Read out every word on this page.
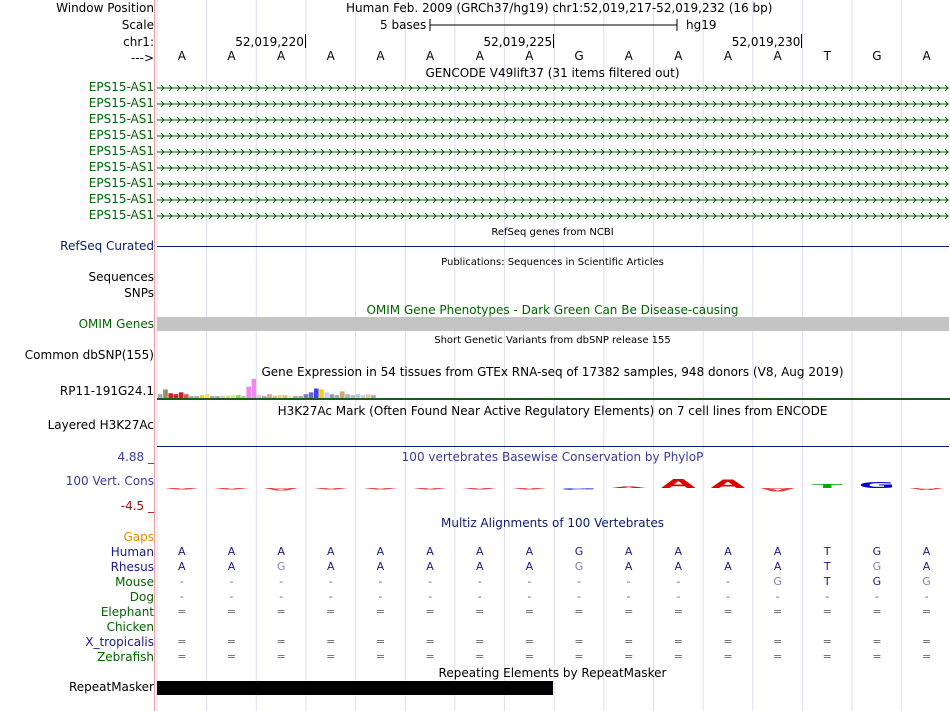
Window Position	Human Feb. 2009 (GRCh37/hg19) chr1:52,019,217-52,019,232 (16 bp)
Scale	5 bases	hg19
chr1:	52,019,220	52,019,225	52,019,230
--->	A	A	A	A	A	A	A	A	G	A	A	A	A	T	G	A
GENCODE V49lift37 (31 items filtered out)
EPS15-AS1
EPS15-AS1
EPS15-AS1
EPS15-AS1
EPS15-AS1
EPS15-AS1
EPS15-AS1
EPS15-AS1
EPS15-AS1
RefSeq genes from NCBI
RefSeq Curated
Publications: Sequences in Scientific Articles
Sequences
SNPs
OMIM Gene Phenotypes - Dark Green Can Be Disease-causing
OMIM Genes
Short Genetic Variants from dbSNP release 155
Common dbSNP(155)
Gene Expression in 54 tissues from GTEx RNA-seq of 17382 samples, 948 donors (V8, Aug 2019)
RP11-191G24.1
H3K27Ac Mark (Often Found Near Active Regulatory Elements) on 7 cell lines from ENCODE
Layered H3K27Ac
100 vertebrates Basewise Conservation by PhyloP
4.88 _
100 Vert. Cons
-4.5 _
A A A A A A A A G
A A A A
T G A
Multiz Alignments of 100 Vertebrates
Gaps
Human	A	A	A	A	A	A	A	A	G	A	A	A	A	T	G	A
Rhesus	A	A	G	A	A	A	A	A	G	A	A	A	A	T	G	A
Mouse	-	-	-	-	-	-	-	-	-	-	-	-	G	T	G	G
Dog	-	-	-	-	-	-	-	-	-	-	-	-	-	-	-	-
Elephant	=	=	=	=	=	=	=	=	=	=	=	=	=	=	=	=
Chicken
X_tropicalis	=	=	=	=	=	=	=	=	=	=	=	=	=	=	=	=
Zebrafish	=	=	=	=	=	=	=	=	=	=	=	=	=	=	=	=
Repeating Elements by RepeatMasker
RepeatMasker
